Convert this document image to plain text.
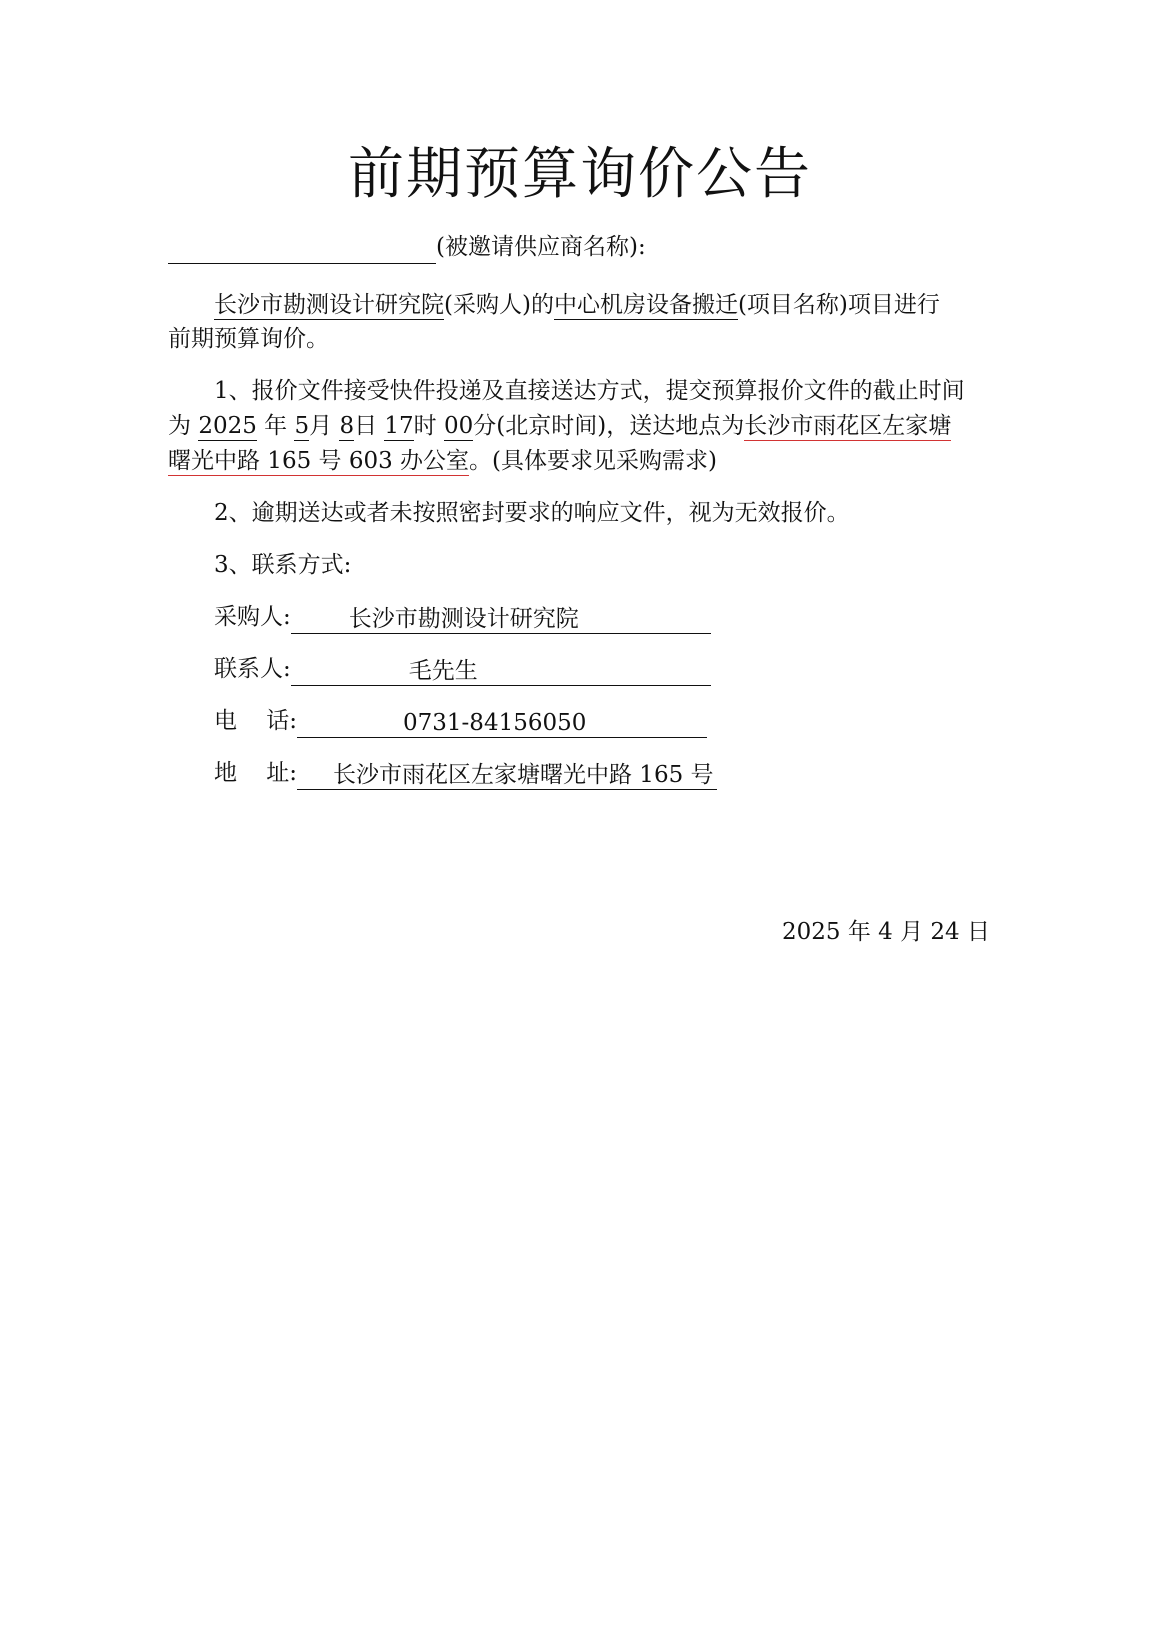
前期预算询价公告
(被邀请供应商名称):
长沙市勘测设计研究院(采购人)的中心机房设备搬迁(项目名称)项目进行
前期预算询价。
1、报价文件接受快件投递及直接送达方式，提交预算报价文件的截止时间
为 2025 年 5月 8日 17时 00分(北京时间)，送达地点为长沙市雨花区左家塘
曙光中路 165 号 603 办公室。(具体要求见采购需求)
2、逾期送达或者未按照密封要求的响应文件，视为无效报价。
3、联系方式:
采购人:	长沙市勘测设计研究院
联系人:	毛先生
电    话:	0731-84156050
地    址: 长沙市雨花区左家塘曙光中路 165 号
2025 年 4 月 24 日
